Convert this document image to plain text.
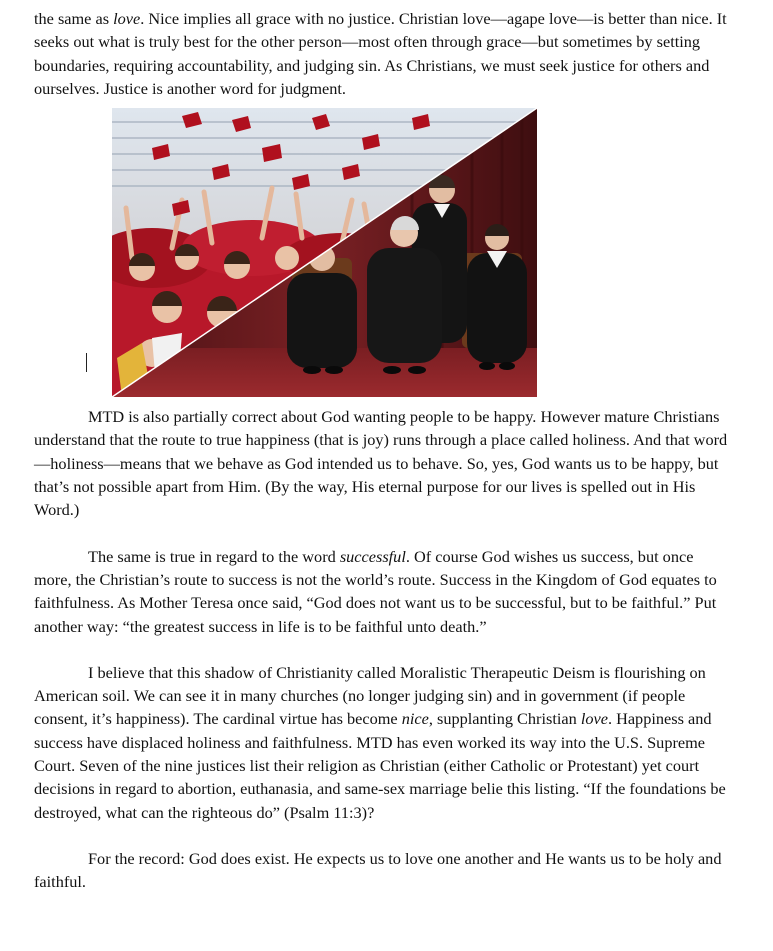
the same as love. Nice implies all grace with no justice. Christian love—agape love—is better than nice. It seeks out what is truly best for the other person—most often through grace—but sometimes by setting boundaries, requiring accountability, and judging sin. As Christians, we must seek justice for others and ourselves. Justice is another word for judgment.

MTD is also partially correct about God wanting people to be happy. However mature Christians understand that the route to true happiness (that is joy) runs through a place called holiness. And that word—holiness—means that we behave as God intended us to behave. So, yes, God wants us to be happy, but that’s not possible apart from Him. (By the way, His eternal purpose for our lives is spelled out in His Word.)

The same is true in regard to the word successful. Of course God wishes us success, but once more, the Christian’s route to success is not the world’s route. Success in the Kingdom of God equates to faithfulness. As Mother Teresa once said, “God does not want us to be successful, but to be faithful.” Put another way: “the greatest success in life is to be faithful unto death.”

I believe that this shadow of Christianity called Moralistic Therapeutic Deism is flourishing on American soil. We can see it in many churches (no longer judging sin) and in government (if people consent, it’s happiness). The cardinal virtue has become nice, supplanting Christian love. Happiness and success have displaced holiness and faithfulness. MTD has even worked its way into the U.S. Supreme Court. Seven of the nine justices list their religion as Christian (either Catholic or Protestant) yet court decisions in regard to abortion, euthanasia, and same-sex marriage belie this listing. “If the foundations be destroyed, what can the righteous do” (Psalm 11:3)?

For the record: God does exist. He expects us to love one another and He wants us to be holy and faithful.
